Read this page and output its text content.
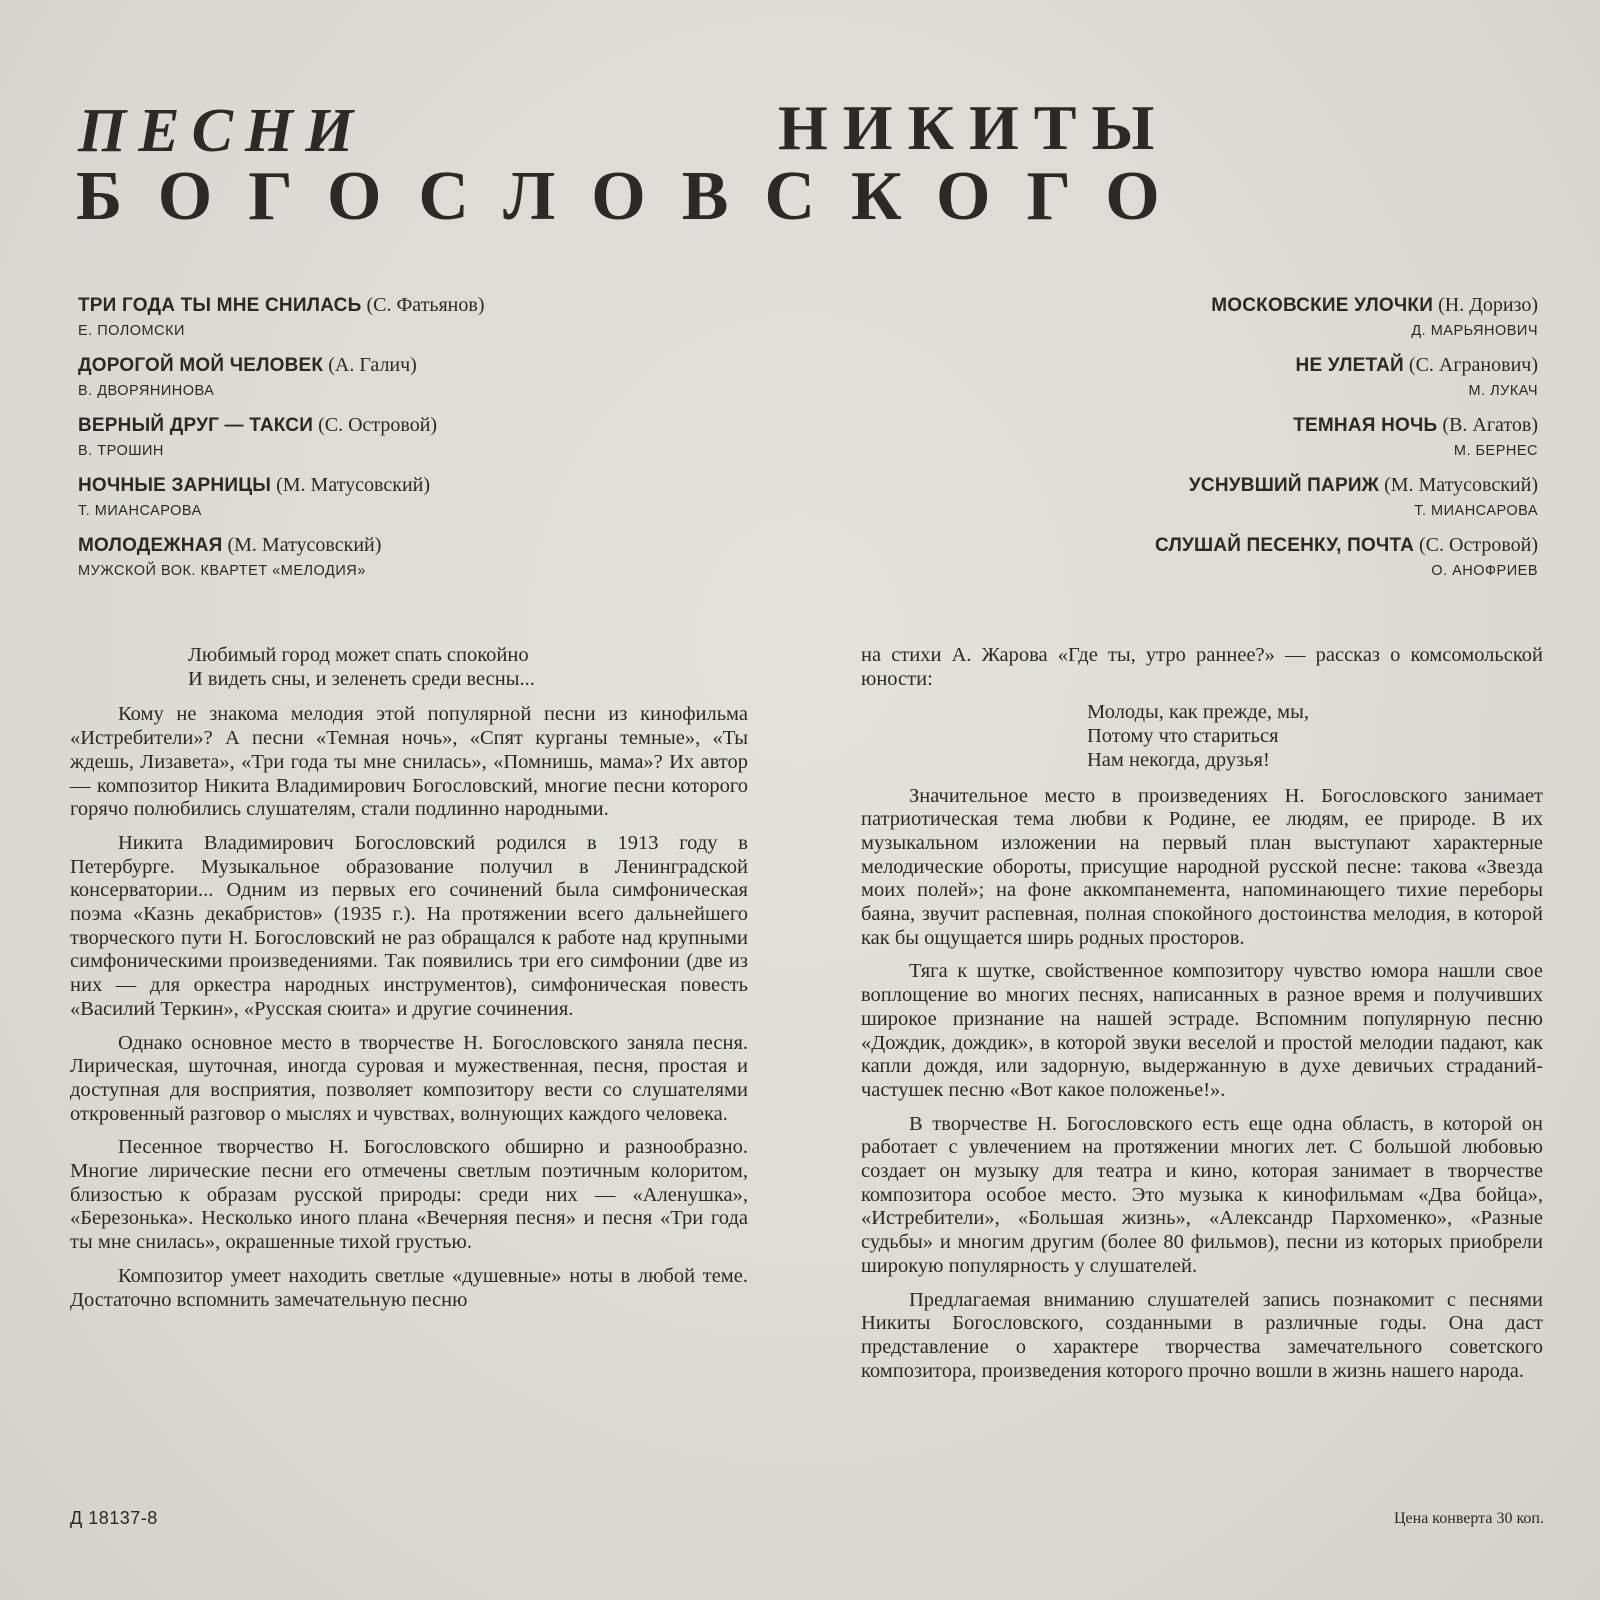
ПЕСНИ	НИКИТЫ
БОГОСЛОВСКОГО
ТРИ ГОДА ТЫ МНЕ СНИЛАСЬ (С. Фатьянов)
Е. ПОЛОМСКИ
ДОРОГОЙ МОЙ ЧЕЛОВЕК (А. Галич)
В. ДВОРЯНИНОВА
ВЕРНЫЙ ДРУГ — ТАКСИ (С. Островой)
В. ТРОШИН
НОЧНЫЕ ЗАРНИЦЫ (М. Матусовский)
Т. МИАНСАРОВА
МОЛОДЕЖНАЯ (М. Матусовский)
МУЖСКОЙ ВОК. КВАРТЕТ «МЕЛОДИЯ»
МОСКОВСКИЕ УЛОЧКИ (Н. Доризо)
Д. МАРЬЯНОВИЧ
НЕ УЛЕТАЙ (С. Агранович)
М. ЛУКАЧ
ТЕМНАЯ НОЧЬ (В. Агатов)
М. БЕРНЕС
УСНУВШИЙ ПАРИЖ (М. Матусовский)
Т. МИАНСАРОВА
СЛУШАЙ ПЕСЕНКУ, ПОЧТА (С. Островой)
О. АНОФРИЕВ
Любимый город может спать спокойно
И видеть сны, и зеленеть среди весны...

Кому не знакома мелодия этой популярной песни из кинофильма «Истребители»? А песни «Темная ночь», «Спят курганы темные», «Ты ждешь, Лизавета», «Три года ты мне снилась», «Помнишь, мама»? Их автор — композитор Никита Владимирович Богословский, многие песни которого горячо полюбились слушателям, стали подлинно народными.

Никита Владимирович Богословский родился в 1913 году в Петербурге. Музыкальное образование получил в Ленинградской консерватории... Одним из первых его сочинений была симфоническая поэма «Казнь декабристов» (1935 г.). На протяжении всего дальнейшего творческого пути Н. Богословский не раз обращался к работе над крупными симфоническими произведениями. Так появились три его симфонии (две из них — для оркестра народных инструментов), симфоническая повесть «Василий Теркин», «Русская сюита» и другие сочинения.

Однако основное место в творчестве Н. Богословского заняла песня. Лирическая, шуточная, иногда суровая и мужественная, песня, простая и доступная для восприятия, позволяет композитору вести со слушателями откровенный разговор о мыслях и чувствах, волнующих каждого человека.

Песенное творчество Н. Богословского обширно и разнообразно. Многие лирические песни его отмечены светлым поэтичным колоритом, близостью к образам русской природы: среди них — «Аленушка», «Березонька». Несколько иного плана «Вечерняя песня» и песня «Три года ты мне снилась», окрашенные тихой грустью.

Композитор умеет находить светлые «душевные» ноты в любой теме. Достаточно вспомнить замечательную песню

на стихи А. Жарова «Где ты, утро раннее?» — рассказ о комсомольской юности:

Молоды, как прежде, мы,
Потому что стариться
Нам некогда, друзья!

Значительное место в произведениях Н. Богословского занимает патриотическая тема любви к Родине, ее людям, ее природе. В их музыкальном изложении на первый план выступают характерные мелодические обороты, присущие народной русской песне: такова «Звезда моих полей»; на фоне аккомпанемента, напоминающего тихие переборы баяна, звучит распевная, полная спокойного достоинства мелодия, в которой как бы ощущается ширь родных просторов.

Тяга к шутке, свойственное композитору чувство юмора нашли свое воплощение во многих песнях, написанных в разное время и получивших широкое признание на нашей эстраде. Вспомним популярную песню «Дождик, дождик», в которой звуки веселой и простой мелодии падают, как капли дождя, или задорную, выдержанную в духе девичьих страданий-частушек песню «Вот какое положенье!».

В творчестве Н. Богословского есть еще одна область, в которой он работает с увлечением на протяжении многих лет. С большой любовью создает он музыку для театра и кино, которая занимает в творчестве композитора особое место. Это музыка к кинофильмам «Два бойца», «Истребители», «Большая жизнь», «Александр Пархоменко», «Разные судьбы» и многим другим (более 80 фильмов), песни из которых приобрели широкую популярность у слушателей.

Предлагаемая вниманию слушателей запись познакомит с песнями Никиты Богословского, созданными в различные годы. Она даст представление о характере творчества замечательного советского композитора, произведения которого прочно вошли в жизнь нашего народа.

Д 18137-8	Цена конверта 30 коп.
